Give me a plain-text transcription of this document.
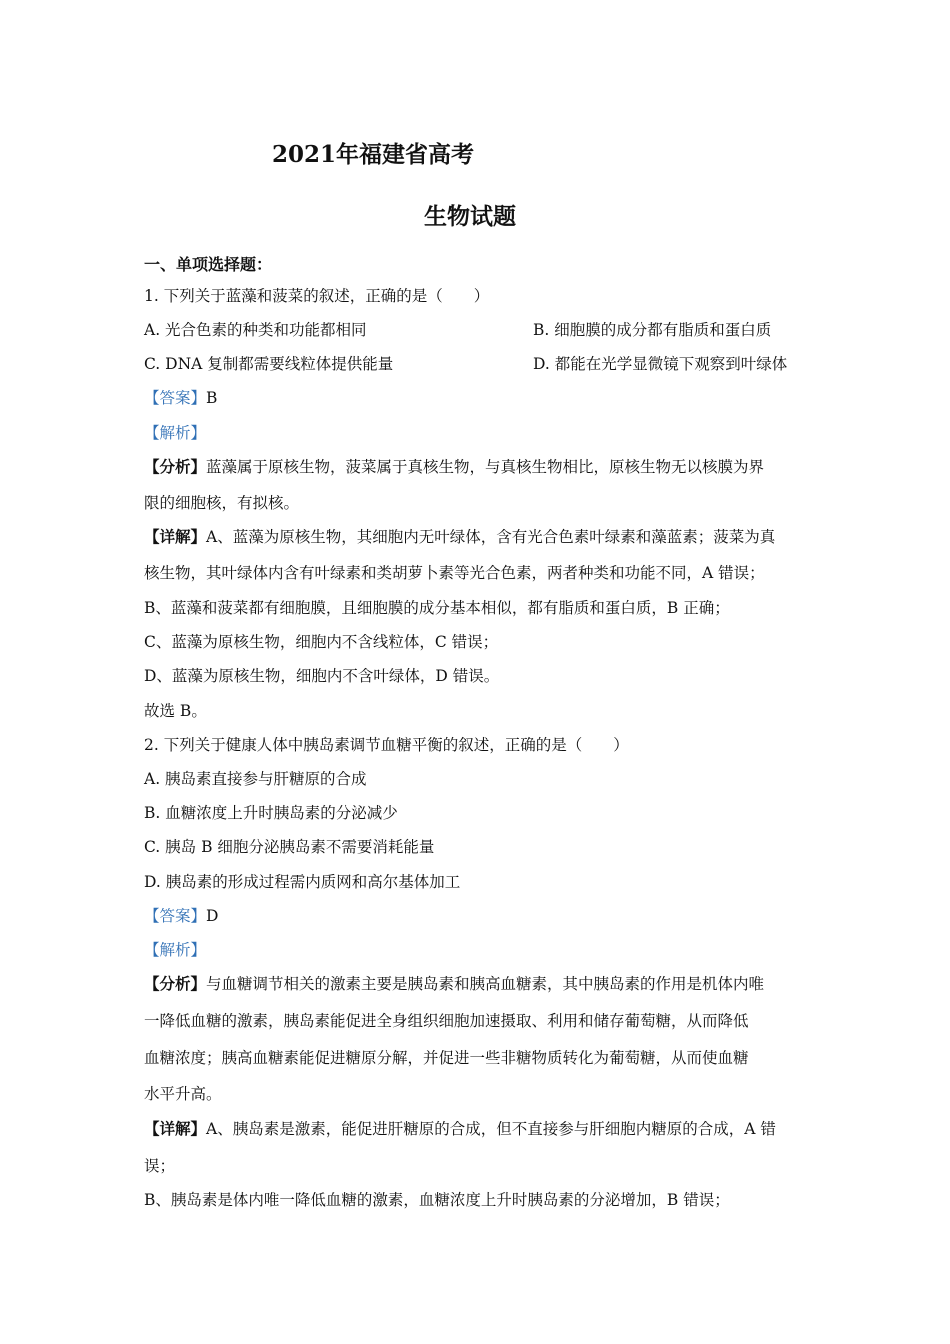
2021年福建省高考
生物试题
一、单项选择题：
1. 下列关于蓝藻和菠菜的叙述，正确的是（　　）
A. 光合色素的种类和功能都相同	B. 细胞膜的成分都有脂质和蛋白质
C. DNA 复制都需要线粒体提供能量	D. 都能在光学显微镜下观察到叶绿体
【答案】B
【解析】
【分析】蓝藻属于原核生物，菠菜属于真核生物，与真核生物相比，原核生物无以核膜为界
限的细胞核，有拟核。
【详解】A、蓝藻为原核生物，其细胞内无叶绿体，含有光合色素叶绿素和藻蓝素；菠菜为真
核生物，其叶绿体内含有叶绿素和类胡萝卜素等光合色素，两者种类和功能不同，A 错误；
B、蓝藻和菠菜都有细胞膜，且细胞膜的成分基本相似，都有脂质和蛋白质，B 正确；
C、蓝藻为原核生物，细胞内不含线粒体，C 错误；
D、蓝藻为原核生物，细胞内不含叶绿体，D 错误。
故选 B。
2. 下列关于健康人体中胰岛素调节血糖平衡的叙述，正确的是（　　）
A. 胰岛素直接参与肝糖原的合成
B. 血糖浓度上升时胰岛素的分泌减少
C. 胰岛 B 细胞分泌胰岛素不需要消耗能量
D. 胰岛素的形成过程需内质网和高尔基体加工
【答案】D
【解析】
【分析】与血糖调节相关的激素主要是胰岛素和胰高血糖素，其中胰岛素的作用是机体内唯
一降低血糖的激素，胰岛素能促进全身组织细胞加速摄取、利用和储存葡萄糖，从而降低
血糖浓度；胰高血糖素能促进糖原分解，并促进一些非糖物质转化为葡萄糖，从而使血糖
水平升高。
【详解】A、胰岛素是激素，能促进肝糖原的合成，但不直接参与肝细胞内糖原的合成，A 错
误；
B、胰岛素是体内唯一降低血糖的激素，血糖浓度上升时胰岛素的分泌增加，B 错误；
